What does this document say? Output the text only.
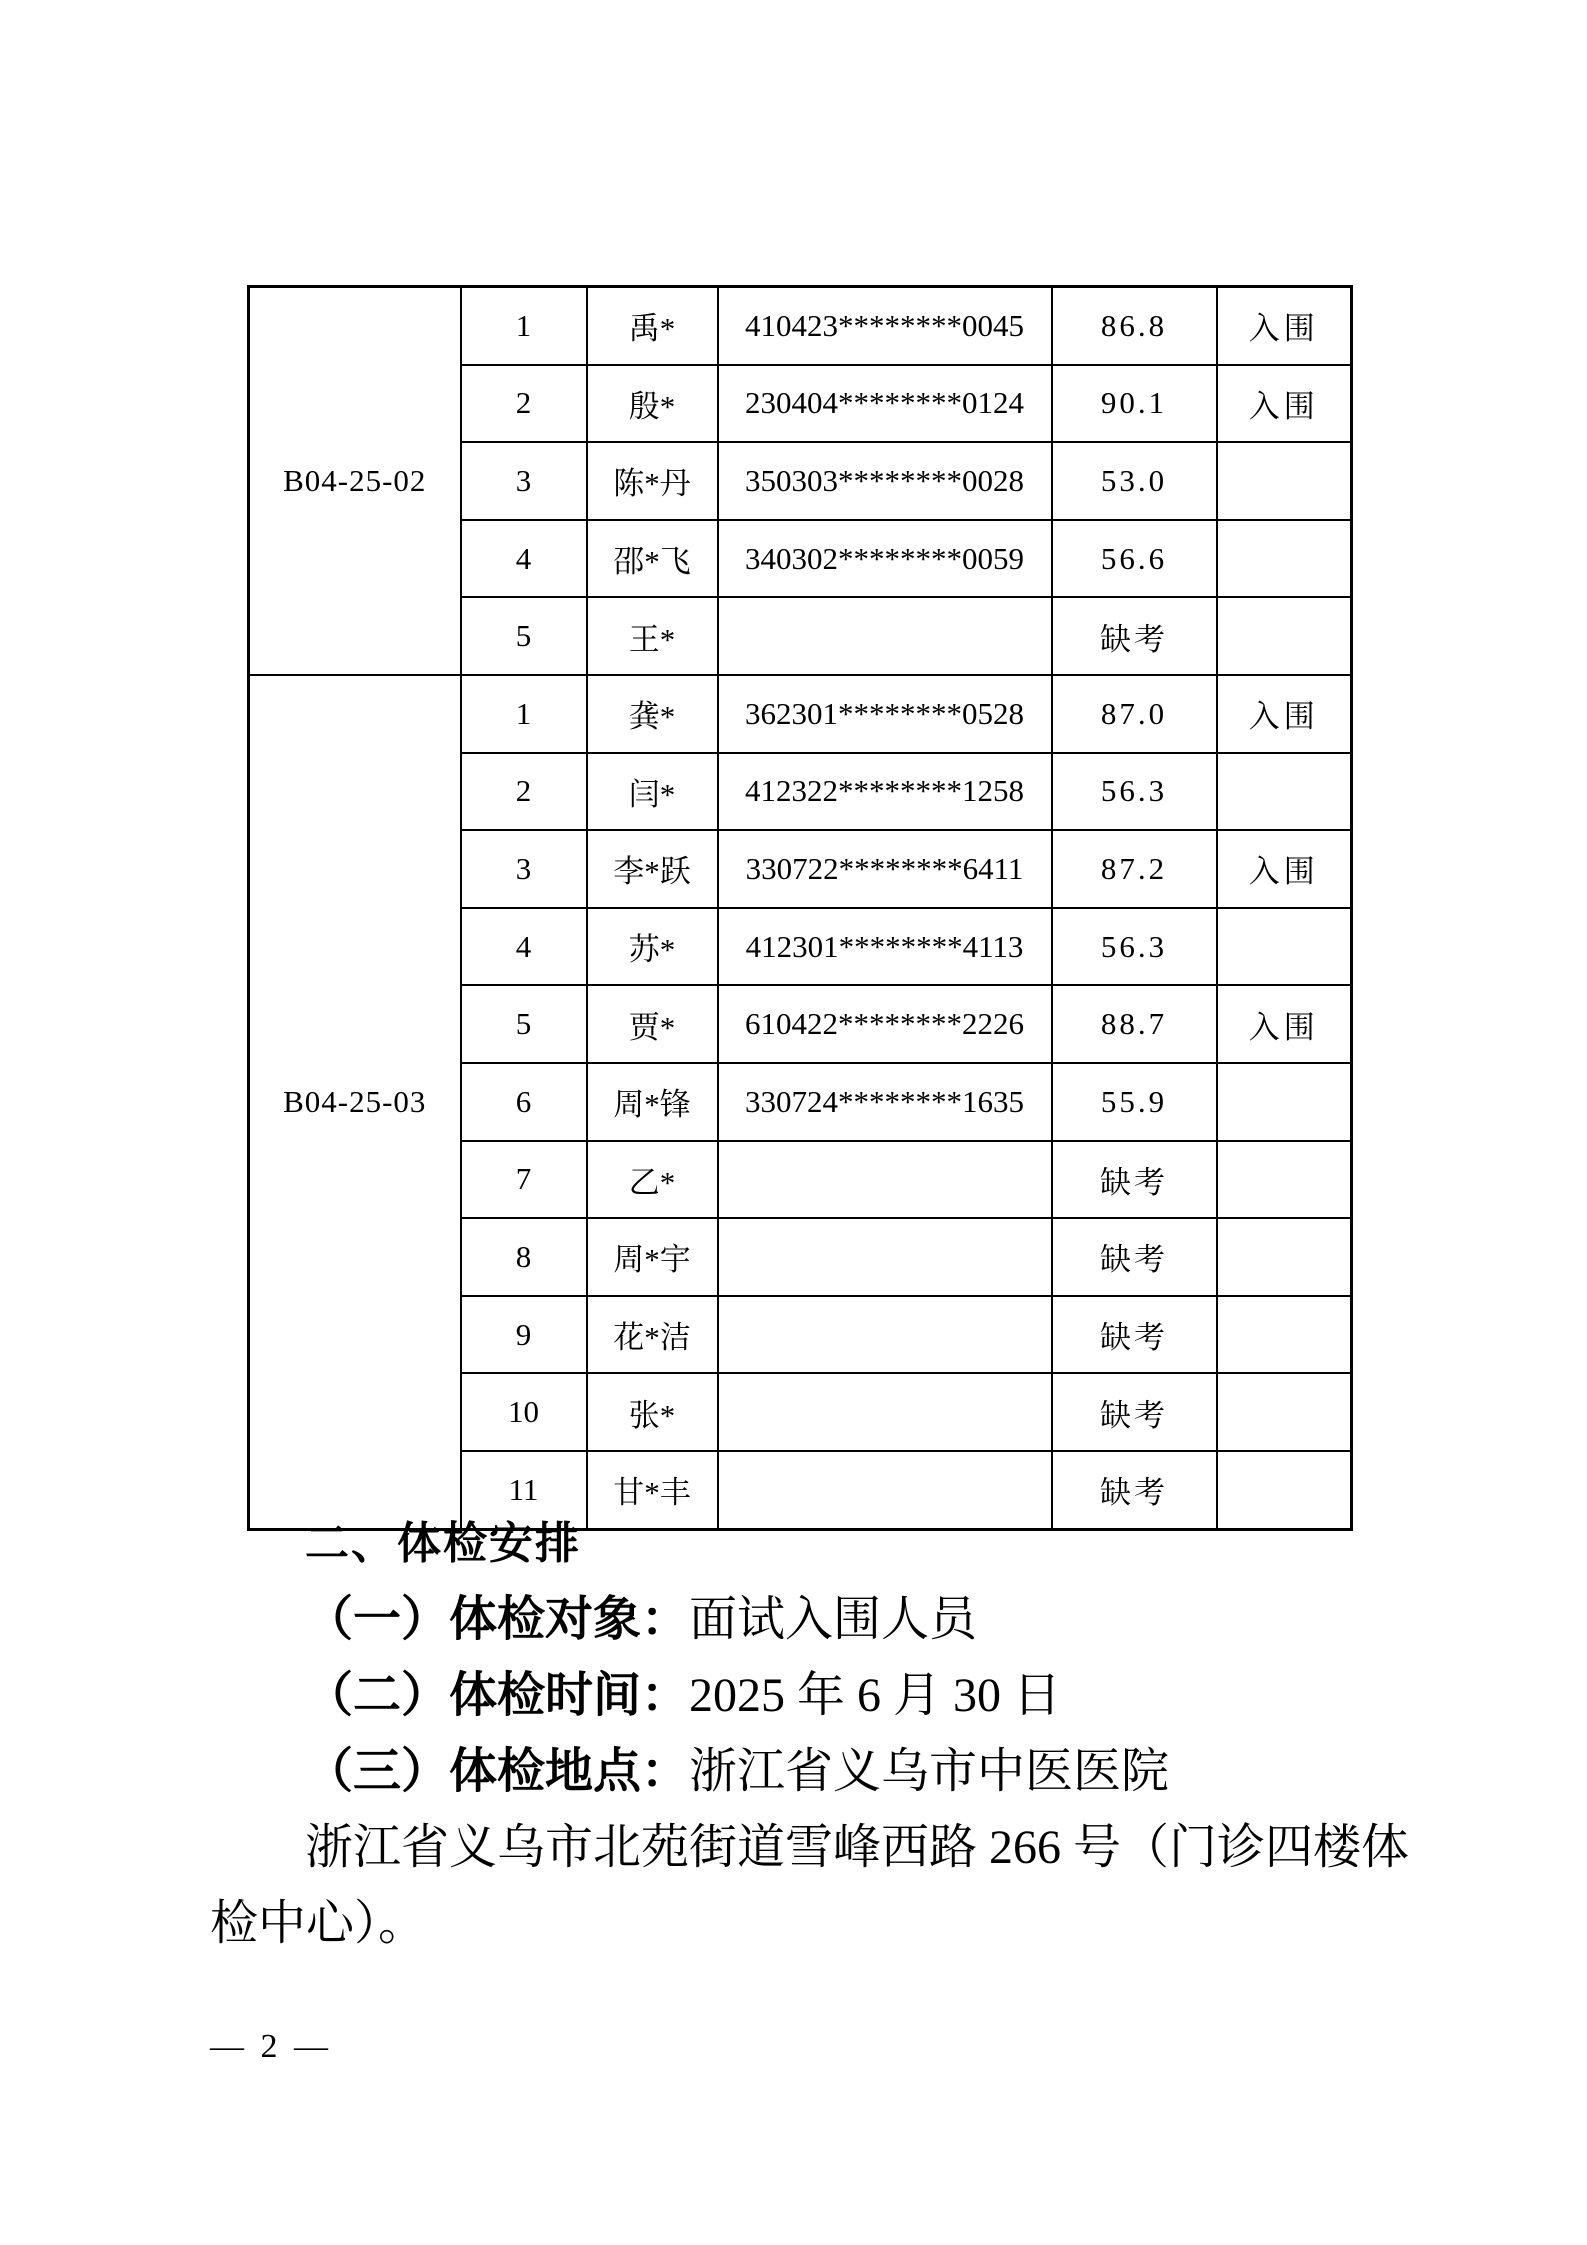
B04-25-02	1	禹*	410423********0045	86.8	入围
	2	殷*	230404********0124	90.1	入围
	3	陈*丹	350303********0028	53.0	
	4	邵*飞	340302********0059	56.6	
	5	王*		缺考	
B04-25-03	1	龚*	362301********0528	87.0	入围
	2	闫*	412322********1258	56.3	
	3	李*跃	330722********6411	87.2	入围
	4	苏*	412301********4113	56.3	
	5	贾*	610422********2226	88.7	入围
	6	周*锋	330724********1635	55.9	
	7	乙*		缺考	
	8	周*宇		缺考	
	9	花*洁		缺考	
	10	张*		缺考	
	11	甘*丰		缺考	

二、体检安排

（一）体检对象：面试入围人员

（二）体检时间：2025 年 6 月 30 日

（三）体检地点：浙江省义乌市中医医院

浙江省义乌市北苑街道雪峰西路 266 号（门诊四楼体

检中心）。

— 2 —
